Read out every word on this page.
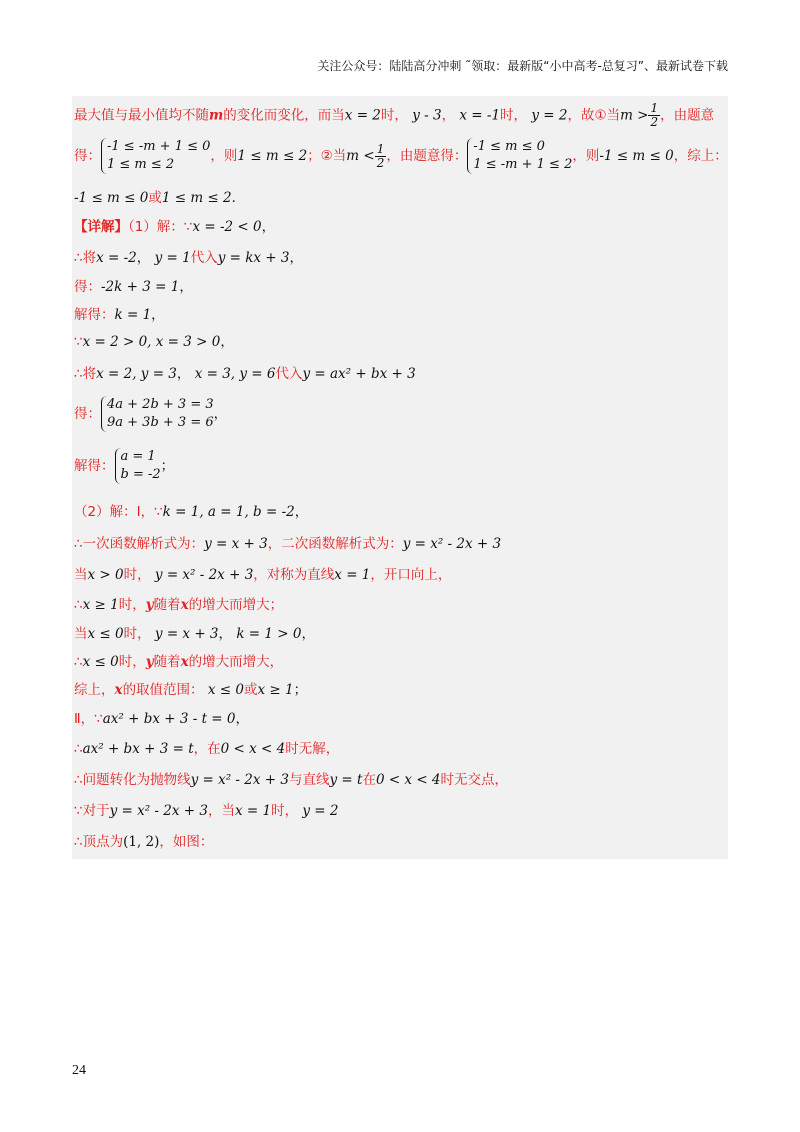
关注公众号：陆陆高分冲刺 ˜领取：最新版“小中高考-总复习”、最新试卷下载
最大值与最小值均不随m的变化而变化，而当x = 2时， y - 3， x = -1时， y = 2，故①当$m > \frac{1}{2}$ ，由题意
得：
-1 ≤ -m + 1 ≤ 0
1 ≤ m ≤ 2
，则1 ≤ m ≤ 2；②当$m < \frac{1}{2}$ ，由题意得：
-1 ≤ m ≤ 0
1 ≤ -m + 1 ≤ 2
，则-1 ≤ m ≤ 0，综上：
-1 ≤ m ≤ 0或1 ≤ m ≤ 2．
【详解】（1）解：∵x = -2 < 0，
∴将x = -2， y = 1代入y = kx + 3，
得：-2k + 3 = 1，
解得：k = 1，
∵x = 2 > 0, x = 3 > 0，
∴将x = 2, y = 3， x = 3, y = 6代入y = ax² + bx + 3
得：
4a + 2b + 3 = 3
9a + 3b + 3 = 6
，
解得：
a = 1
b = -2
；
（2）解：Ⅰ，∵k = 1, a = 1, b = -2，
∴一次函数解析式为：y = x + 3，二次函数解析式为：y = x² - 2x + 3
当x > 0时， y = x² - 2x + 3，对称为直线x = 1，开口向上，
∴x ≥ 1时，y随着x的增大而增大；
当x ≤ 0时， y = x + 3， k = 1 > 0，
∴x ≤ 0时，y随着x的增大而增大，
综上，x的取值范围： x ≤ 0或x ≥ 1；
Ⅱ，∵ax² + bx + 3 - t = 0，
∴ax² + bx + 3 = t，在0 < x < 4时无解，
∴问题转化为抛物线y = x² - 2x + 3与直线y = t在0 < x < 4时无交点，
∵对于y = x² - 2x + 3，当x = 1时， y = 2
∴顶点为(1, 2)，如图：
24
